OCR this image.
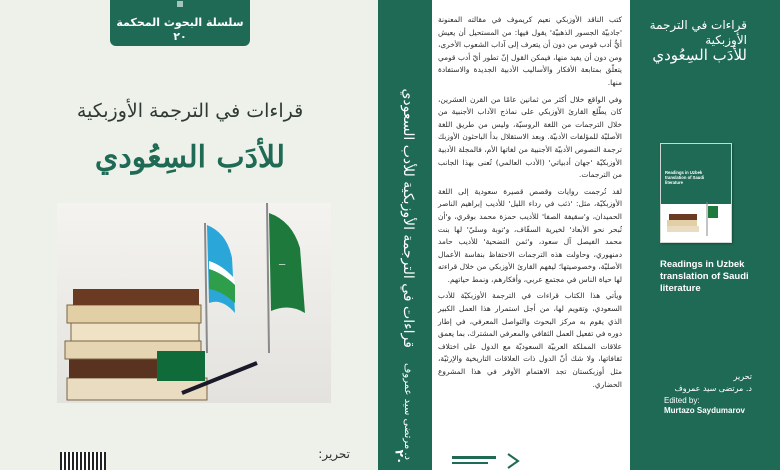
سلسلة البحوث المحكمة
٢٠
قراءات في الترجمة الأوزبكية
للأدَب السِعُودي
ـــ
تحرير:
قراءات في الترجمة الأوزبكية للأدب السعودي
د. مرتضى سيد عمروف
٢٠

كتب الناقد الأوزبكي نعيم كريموف في مقالته المعنونة 'جادبيّة الجسور الذهبيّة' يقول فيها: من المستحيل أن يعيش أيٌّ أدب قومي من دون أن يتعرف إلى آداب الشعوب الأخرى، ومن دون أن يفيد منها، فيمكن القول إنّ تطور أيّ أدب قومي يتعلّق بمتابعة الأفكار والأساليب الأدبية الجديدة والاستفادة منها.

وفي الواقع خلال أكثر من ثمانين عامًا من القرن العشرين، كان يطّلع القارئ الأوزبكي على نماذج الآداب الأجنبية من خلال الترجمات من اللغة الروسيّة، وليس من طريق اللغة الأصليّة للمؤلفات الأدبيّة. وبعد الاستقلال بدأ الباحثون الأوزبك ترجمة النصوص الأدبيّة الأجنبية من لغاتها الأم، فالمجلة الأدبية الأوزبكيّة 'جهان أدبياتي' (الأدب العالمي) تُعنى بهذا الجانب من الترجمات.

لقد تُرجمت روايات وقصص قصيرة سعودية إلى اللغة الأوزبكيّة، مثل: 'ذئب في رداء الليل' للأديب إبراهيم الناصر الحميدان، و'سقيفة الصفا' للأديب حمزة محمد بوقري، و'أن تُبحر نحو الأبعاد' لخيرية السقّاف، و'توبة وسليّ' لها بنت محمد الفيصل آل سعود، و'ثمن التضحية' للأديب حامد دمنهوري، وحاولت هذه الترجمات الاحتفاظ بنفاسة الأعمال الأصليّة، وخصوصيتها؛ ليفهم القارئ الأوزبكي من خلال قراءته لها حياة الناس في مجتمع عربي، وأفكارهم، ونمط حياتهم.

ويأتي هذا الكتاب قراءات في الترجمة الأوزبكيّة للأدب السعودي، وتقويم لها، من أجل استمرار هذا العمل الكبير الذي يقوم به مركز البحوث والتواصل المعرفي، في إطار دوره في تفعيل العمل الثقافي والمعرفي المشترك، بما يعمق علاقات المملكة العربيّة السعوديّة مع الدول على اختلاف ثقافاتها، ولا شك أنّ الدول ذات العلاقات التاريخية والإرثيّة، مثل أوزبكستان تجد الاهتمام الأوفر في هذا المشروع الحضاري.

قراءات في الترجمة الأوزبكية
للأدَب السِعُودي
Readings in Uzbek translation of Saudi literature
Readings in Uzbek translation of Saudi literature
تحرير
د. مرتضى سيد عمروف
Edited by:
Murtazo Saydumarov
